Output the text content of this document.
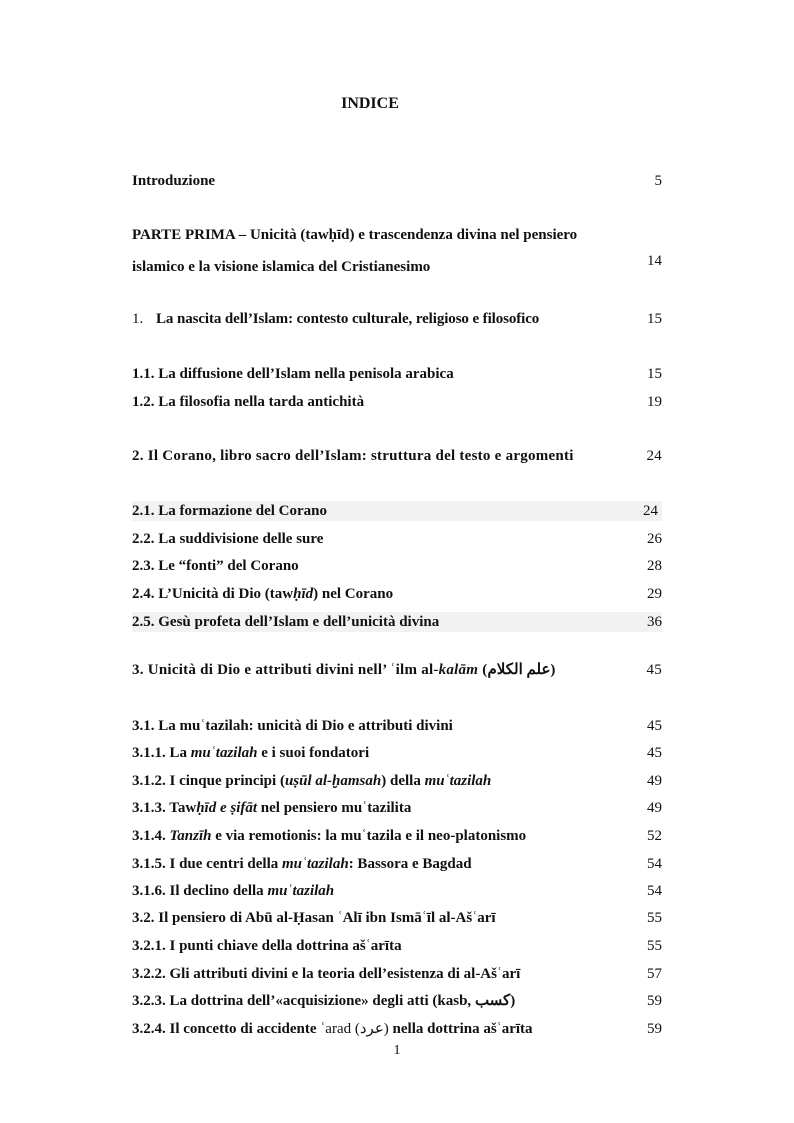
INDICE
Introduzione	5
PARTE PRIMA – Unicità (tawḥīd) e trascendenza divina nel pensiero
islamico e la visione islamica del Cristianesimo	14
1. La nascita dell’Islam: contesto culturale, religioso e filosofico	15
1.1. La diffusione dell’Islam nella penisola arabica	15
1.2. La filosofia nella tarda antichità	19
2. Il Corano, libro sacro dell’Islam: struttura del testo e argomenti	24
2.1. La formazione del Corano	24
2.2. La suddivisione delle sure	26
2.3. Le “fonti” del Corano	28
2.4. L’Unicità di Dio (tawḥīd) nel Corano	29
2.5. Gesù profeta dell’Islam e dell’unicità divina	36
3. Unicità di Dio e attributi divini nell’ ʿilm al-kalām (علم الكلام)	45
3.1. La muʿtazilah: unicità di Dio e attributi divini	45
3.1.1. La muʿtazilah e i suoi fondatori	45
3.1.2. I cinque principi (uṣūl al-ḫamsah) della muʿtazilah	49
3.1.3. Tawḥīd e ṣifāt nel pensiero muʿtazilita	49
3.1.4. Tanzīh e via remotionis: la muʿtazila e il neo-platonismo	52
3.1.5. I due centri della muʿtazilah: Bassora e Bagdad	54
3.1.6. Il declino della muʿtazilah	54
3.2. Il pensiero di Abū al-Ḥasan ʿAlī ibn Ismāʿīl al-Ašʿarī	55
3.2.1. I punti chiave della dottrina ašʿarīta	55
3.2.2. Gli attributi divini e la teoria dell’esistenza di al-Ašʿarī	57
3.2.3. La dottrina dell’«acquisizione» degli atti (kasb, كسب)	59
3.2.4. Il concetto di accidente ʿarad (عرد) nella dottrina ašʿarīta	59
1
